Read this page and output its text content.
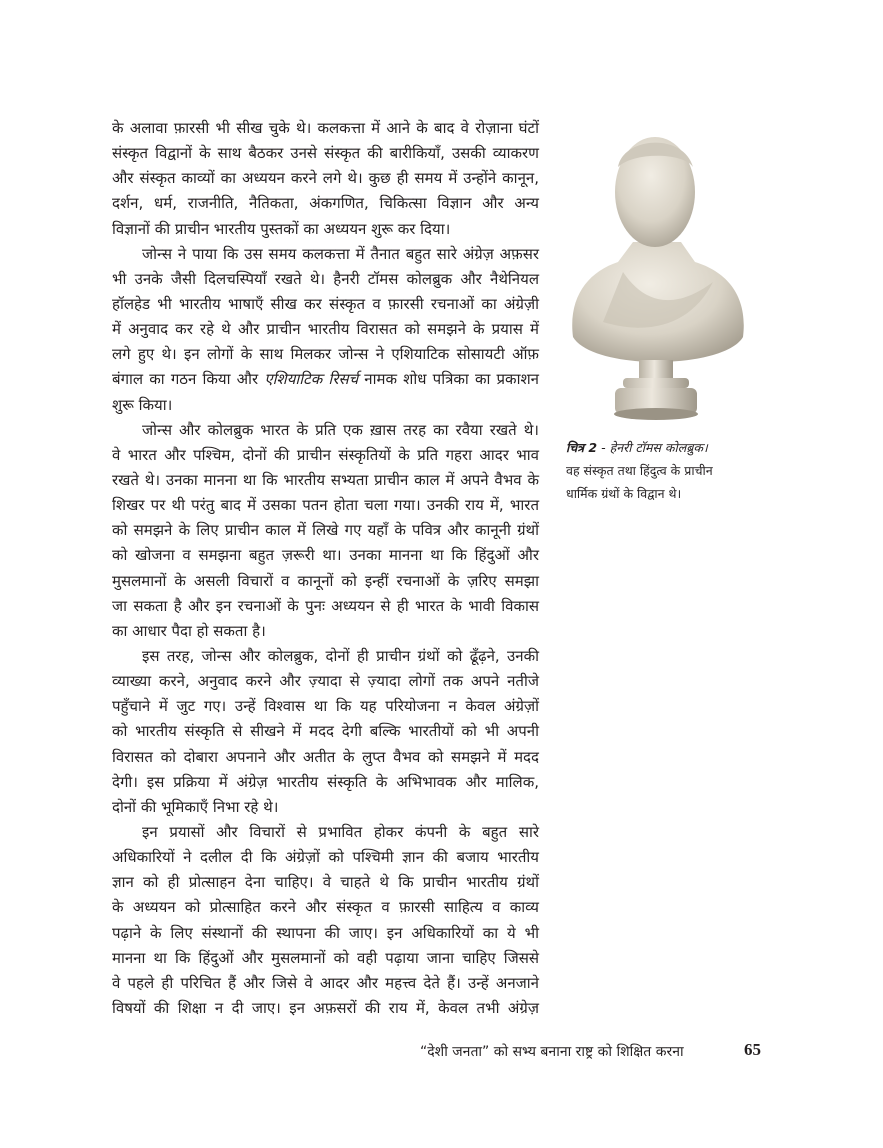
के अलावा फ़ारसी भी सीख चुके थे। कलकत्ता में आने के बाद वे रोज़ाना घंटों
संस्कृत विद्वानों के साथ बैठकर उनसे संस्कृत की बारीकियाँ, उसकी व्याकरण
और संस्कृत काव्यों का अध्ययन करने लगे थे। कुछ ही समय में उन्होंने कानून,
दर्शन, धर्म, राजनीति, नैतिकता, अंकगणित, चिकित्सा विज्ञान और अन्य
विज्ञानों की प्राचीन भारतीय पुस्तकों का अध्ययन शुरू कर दिया।
जोन्स ने पाया कि उस समय कलकत्ता में तैनात बहुत सारे अंग्रेज़ अफ़सर
भी उनके जैसी दिलचस्पियाँ रखते थे। हैनरी टॉमस कोलब्रुक और नैथेनियल
हॉलहेड भी भारतीय भाषाएँ सीख कर संस्कृत व फ़ारसी रचनाओं का अंग्रेज़ी
में अनुवाद कर रहे थे और प्राचीन भारतीय विरासत को समझने के प्रयास में
लगे हुए थे। इन लोगों के साथ मिलकर जोन्स ने एशियाटिक सोसायटी ऑफ़
बंगाल का गठन किया और एशियाटिक रिसर्च नामक शोध पत्रिका का प्रकाशन
शुरू किया।
जोन्स और कोलब्रुक भारत के प्रति एक ख़ास तरह का रवैया रखते थे।
वे भारत और पश्चिम, दोनों की प्राचीन संस्कृतियों के प्रति गहरा आदर भाव
रखते थे। उनका मानना था कि भारतीय सभ्यता प्राचीन काल में अपने वैभव के
शिखर पर थी परंतु बाद में उसका पतन होता चला गया। उनकी राय में, भारत
को समझने के लिए प्राचीन काल में लिखे गए यहाँ के पवित्र और कानूनी ग्रंथों
को खोजना व समझना बहुत ज़रूरी था। उनका मानना था कि हिंदुओं और
मुसलमानों के असली विचारों व कानूनों को इन्हीं रचनाओं के ज़रिए समझा
जा सकता है और इन रचनाओं के पुनः अध्ययन से ही भारत के भावी विकास
का आधार पैदा हो सकता है।
इस तरह, जोन्स और कोलब्रुक, दोनों ही प्राचीन ग्रंथों को ढूँढ़ने, उनकी
व्याख्या करने, अनुवाद करने और ज़्यादा से ज़्यादा लोगों तक अपने नतीजे
पहुँचाने में जुट गए। उन्हें विश्वास था कि यह परियोजना न केवल अंग्रेज़ों
को भारतीय संस्कृति से सीखने में मदद देगी बल्कि भारतीयों को भी अपनी
विरासत को दोबारा अपनाने और अतीत के लुप्त वैभव को समझने में मदद
देगी। इस प्रक्रिया में अंग्रेज़ भारतीय संस्कृति के अभिभावक और मालिक,
दोनों की भूमिकाएँ निभा रहे थे।
इन प्रयासों और विचारों से प्रभावित होकर कंपनी के बहुत सारे
अधिकारियों ने दलील दी कि अंग्रेज़ों को पश्चिमी ज्ञान की बजाय भारतीय
ज्ञान को ही प्रोत्साहन देना चाहिए। वे चाहते थे कि प्राचीन भारतीय ग्रंथों
के अध्ययन को प्रोत्साहित करने और संस्कृत व फ़ारसी साहित्य व काव्य
पढ़ाने के लिए संस्थानों की स्थापना की जाए। इन अधिकारियों का ये भी
मानना था कि हिंदुओं और मुसलमानों को वही पढ़ाया जाना चाहिए जिससे
वे पहले ही परिचित हैं और जिसे वे आदर और महत्त्व देते हैं। उन्हें अनजाने
विषयों की शिक्षा न दी जाए। इन अफ़सरों की राय में, केवल तभी अंग्रेज़
चित्र 2 - हेनरी टॉमस कोलब्रुक।
वह संस्कृत तथा हिंदुत्व के प्राचीन
धार्मिक ग्रंथों के विद्वान थे।
“देशी जनता” को सभ्य बनाना राष्ट्र को शिक्षित करना	65
